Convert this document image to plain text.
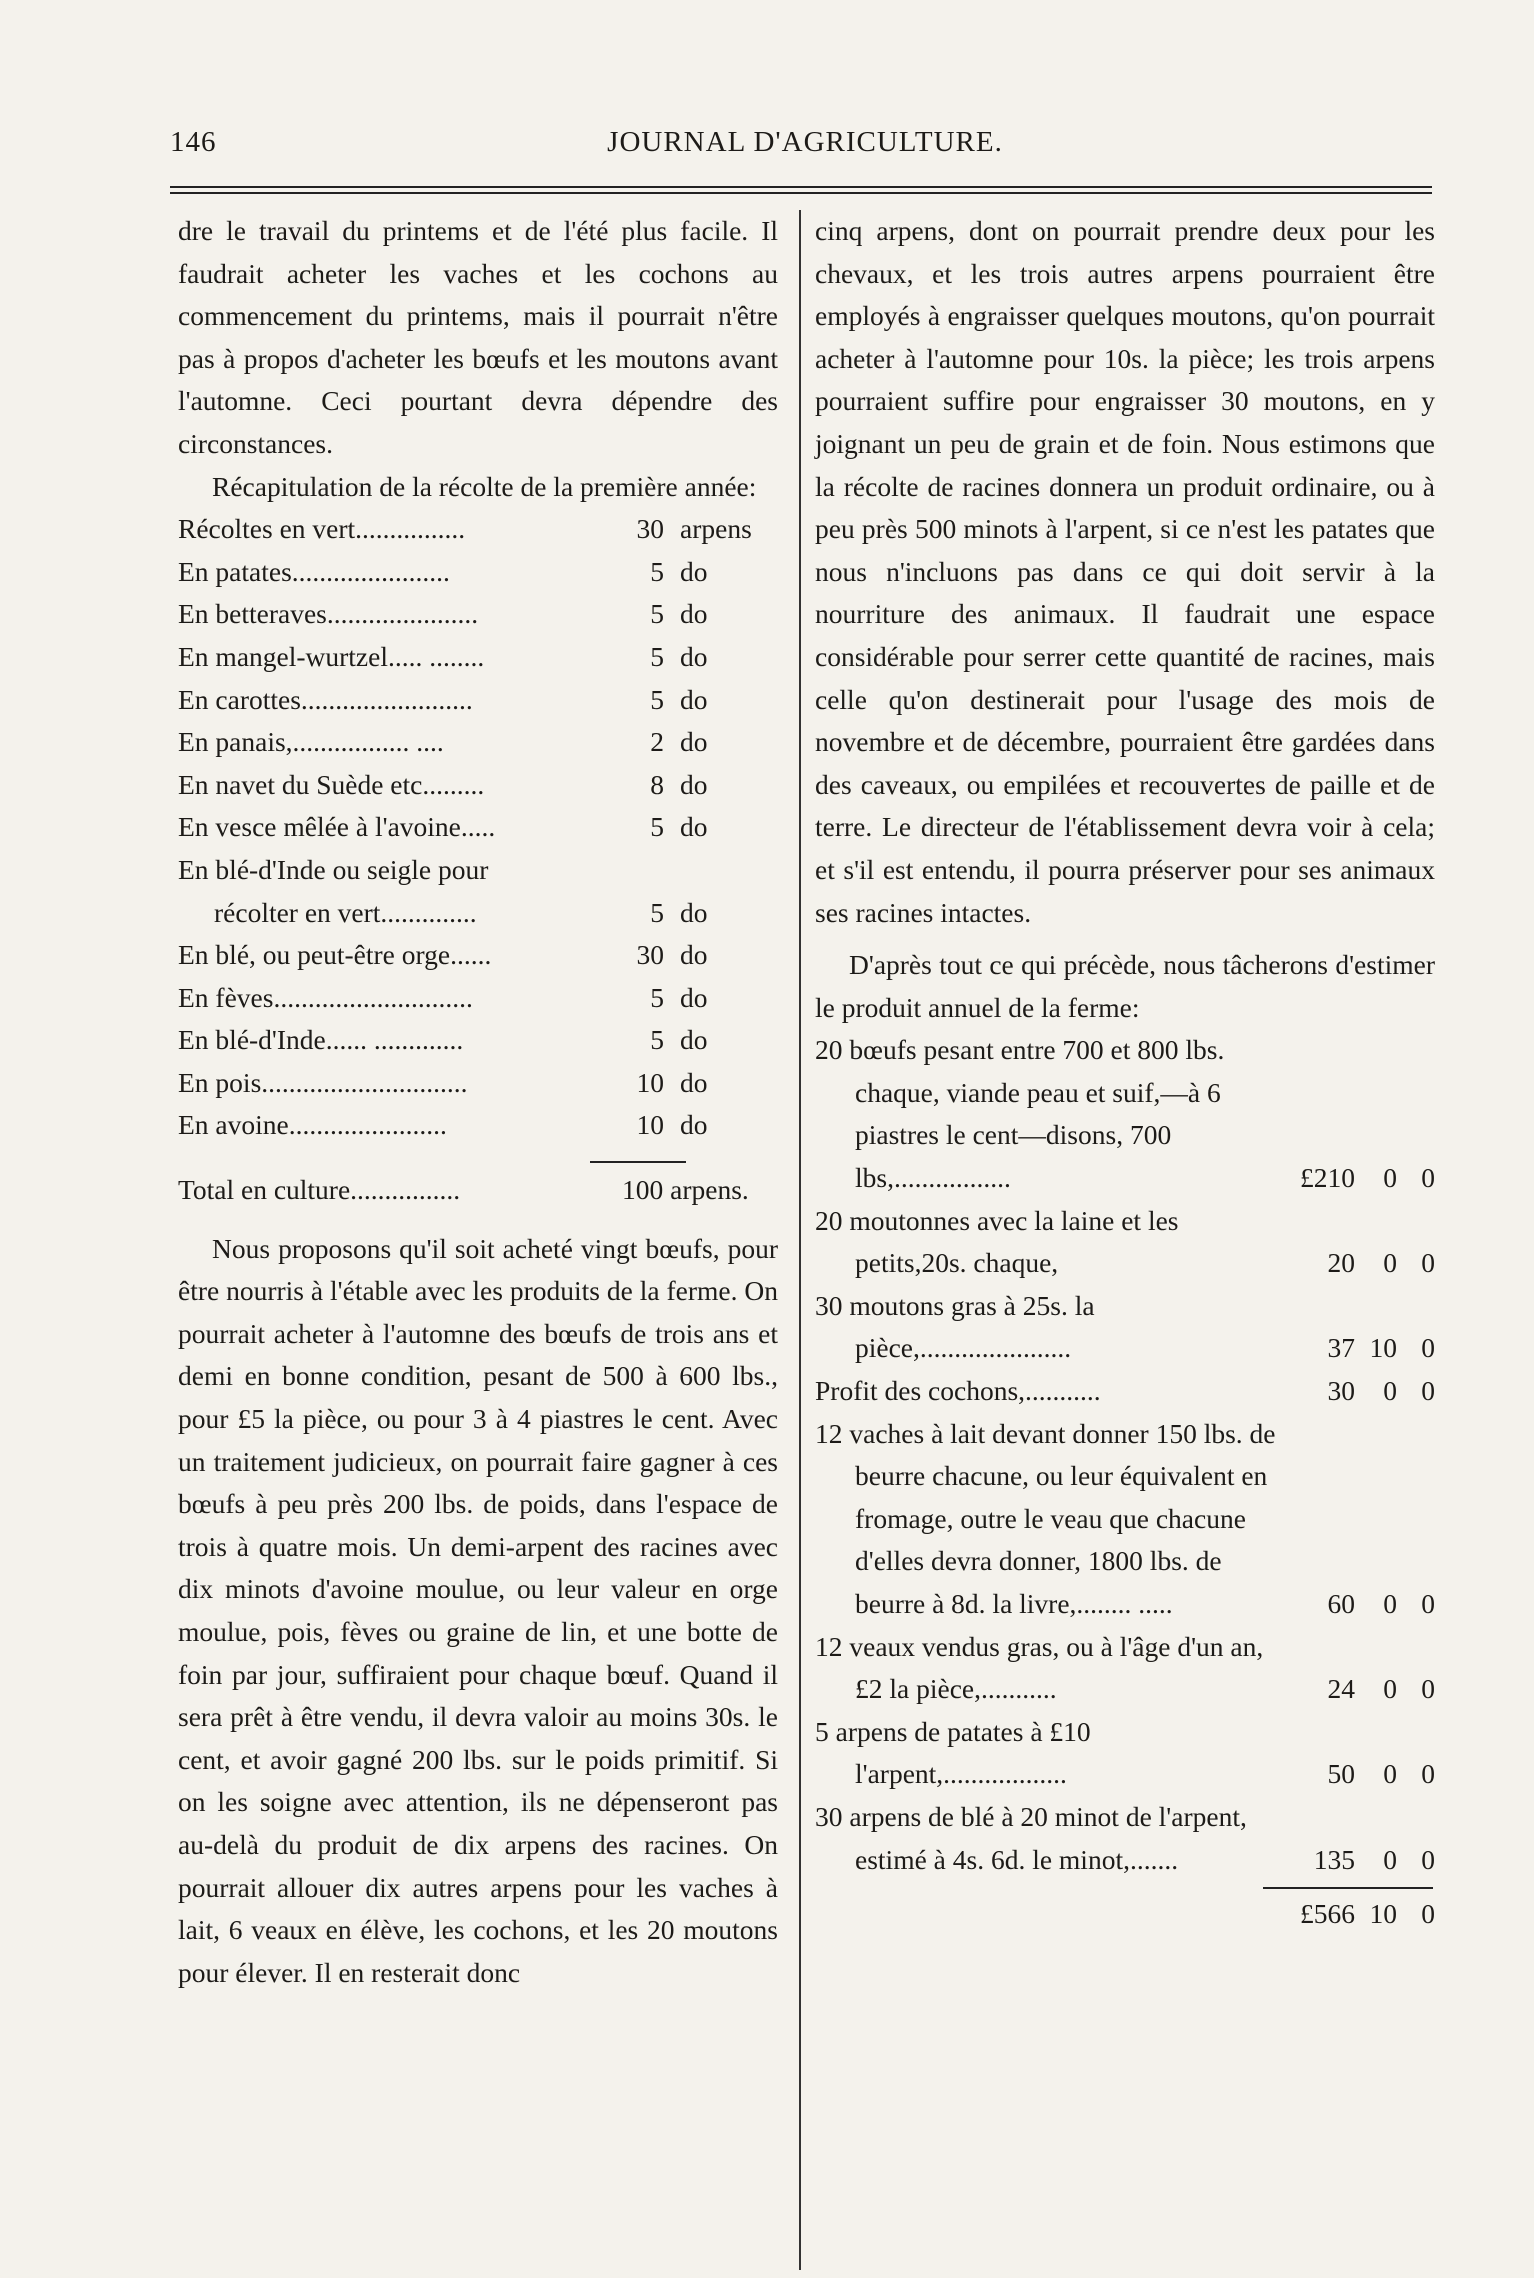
146	JOURNAL D'AGRICULTURE.

dre le travail du printems et de l'été plus facile. Il faudrait acheter les vaches et les cochons au commencement du printems, mais il pourrait n'être pas à propos d'acheter les bœufs et les moutons avant l'automne. Ceci pourtant devra dépendre des circonstances.

Récapitulation de la récolte de la première année:

Récoltes en vert................	30 arpens
En patates.......................	5 do
En betteraves......................	5 do
En mangel-wurtzel..... ........	5 do
En carottes.........................	5 do
En panais,................. ....	2 do
En navet du Suède etc.........	8 do
En vesce mêlée à l'avoine.....	5 do
En blé-d'Inde ou seigle pour
récolter en vert..............	5 do
En blé, ou peut-être orge......	30 do
En fèves.............................	5 do
En blé-d'Inde...... .............	5 do
En pois..............................	10 do
En avoine.......................	10 do
Total en culture................	100 arpens.

Nous proposons qu'il soit acheté vingt bœufs, pour être nourris à l'étable avec les produits de la ferme. On pourrait acheter à l'automne des bœufs de trois ans et demi en bonne condition, pesant de 500 à 600 lbs., pour £5 la pièce, ou pour 3 à 4 piastres le cent. Avec un traitement judicieux, on pourrait faire gagner à ces bœufs à peu près 200 lbs. de poids, dans l'espace de trois à quatre mois. Un demi-arpent des racines avec dix minots d'avoine moulue, ou leur valeur en orge moulue, pois, fèves ou graine de lin, et une botte de foin par jour, suffiraient pour chaque bœuf. Quand il sera prêt à être vendu, il devra valoir au moins 30s. le cent, et avoir gagné 200 lbs. sur le poids primitif. Si on les soigne avec attention, ils ne dépenseront pas au-delà du produit de dix arpens des racines. On pourrait allouer dix autres arpens pour les vaches à lait, 6 veaux en élève, les cochons, et les 20 moutons pour élever. Il en resterait donc

cinq arpens, dont on pourrait prendre deux pour les chevaux, et les trois autres arpens pourraient être employés à engraisser quelques moutons, qu'on pourrait acheter à l'automne pour 10s. la pièce; les trois arpens pourraient suffire pour engraisser 30 moutons, en y joignant un peu de grain et de foin. Nous estimons que la récolte de racines donnera un produit ordinaire, ou à peu près 500 minots à l'arpent, si ce n'est les patates que nous n'incluons pas dans ce qui doit servir à la nourriture des animaux. Il faudrait une espace considérable pour serrer cette quantité de racines, mais celle qu'on destinerait pour l'usage des mois de novembre et de décembre, pourraient être gardées dans des caveaux, ou empilées et recouvertes de paille et de terre. Le directeur de l'établissement devra voir à cela; et s'il est entendu, il pourra préserver pour ses animaux ses racines intactes.

D'après tout ce qui précède, nous tâcherons d'estimer le produit annuel de la ferme:

20 bœufs pesant entre 700 et 800 lbs. chaque, viande peau et suif,—à 6 piastres le cent—disons, 700 lbs,.................	£210	0 0
20 moutonnes avec la laine et les petits,20s. chaque,	20	0 0
30 moutons gras à 25s. la pièce,......................	37 10 0
Profit des cochons,...........	30	0 0
12 vaches à lait devant donner 150 lbs. de beurre chacune, ou leur équivalent en fromage, outre le veau que chacune d'elles devra donner, 1800 lbs. de beurre à 8d. la livre,........ .....	60	0 0
12 veaux vendus gras, ou à l'âge d'un an, £2 la pièce,...........	24	0 0
5 arpens de patates à £10 l'arpent,..................	50	0 0
30 arpens de blé à 20 minot de l'arpent, estimé à 4s. 6d. le minot,.......	135	0 0
£566 10 0
